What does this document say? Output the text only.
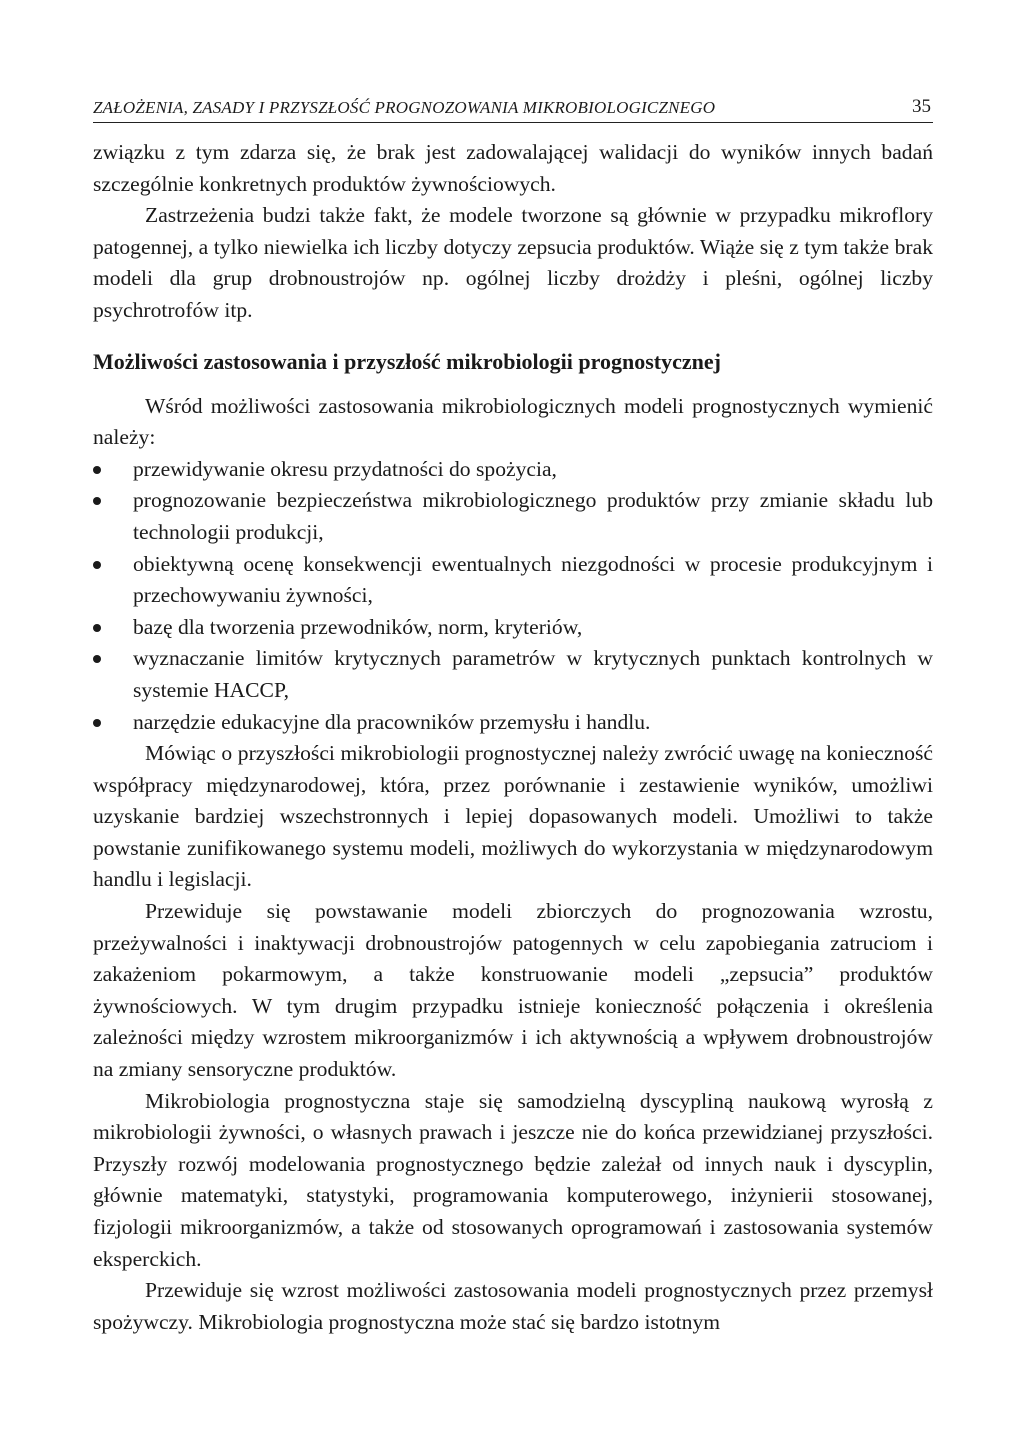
ZAŁOŻENIA, ZASADY I PRZYSZŁOŚĆ PROGNOZOWANIA MIKROBIOLOGICZNEGO	35

związku z tym zdarza się, że brak jest zadowalającej walidacji do wyników innych badań szczególnie konkretnych produktów żywnościowych.

Zastrzeżenia budzi także fakt, że modele tworzone są głównie w przypadku mikroflory patogennej, a tylko niewielka ich liczby dotyczy zepsucia produktów. Wiąże się z tym także brak modeli dla grup drobnoustrojów np. ogólnej liczby drożdży i pleśni, ogólnej liczby psychrotrofów itp.

Możliwości zastosowania i przyszłość mikrobiologii prognostycznej

Wśród możliwości zastosowania mikrobiologicznych modeli prognostycznych wymienić należy:

przewidywanie okresu przydatności do spożycia,
prognozowanie bezpieczeństwa mikrobiologicznego produktów przy zmianie składu lub technologii produkcji,
obiektywną ocenę konsekwencji ewentualnych niezgodności w procesie produkcyjnym i przechowywaniu żywności,
bazę dla tworzenia przewodników, norm, kryteriów,
wyznaczanie limitów krytycznych parametrów w krytycznych punktach kontrolnych w systemie HACCP,
narzędzie edukacyjne dla pracowników przemysłu i handlu.

Mówiąc o przyszłości mikrobiologii prognostycznej należy zwrócić uwagę na konieczność współpracy międzynarodowej, która, przez porównanie i zestawienie wyników, umożliwi uzyskanie bardziej wszechstronnych i lepiej dopasowanych modeli. Umożliwi to także powstanie zunifikowanego systemu modeli, możliwych do wykorzystania w międzynarodowym handlu i legislacji.

Przewiduje się powstawanie modeli zbiorczych do prognozowania wzrostu, przeżywalności i inaktywacji drobnoustrojów patogennych w celu zapobiegania zatruciom i zakażeniom pokarmowym, a także konstruowanie modeli „zepsucia” produktów żywnościowych. W tym drugim przypadku istnieje konieczność połączenia i określenia zależności między wzrostem mikroorganizmów i ich aktywnością a wpływem drobnoustrojów na zmiany sensoryczne produktów.

Mikrobiologia prognostyczna staje się samodzielną dyscypliną naukową wyrosłą z mikrobiologii żywności, o własnych prawach i jeszcze nie do końca przewidzianej przyszłości. Przyszły rozwój modelowania prognostycznego będzie zależał od innych nauk i dyscyplin, głównie matematyki, statystyki, programowania komputerowego, inżynierii stosowanej, fizjologii mikroorganizmów, a także od stosowanych oprogramowań i zastosowania systemów eksperckich.

Przewiduje się wzrost możliwości zastosowania modeli prognostycznych przez przemysł spożywczy. Mikrobiologia prognostyczna może stać się bardzo istotnym
